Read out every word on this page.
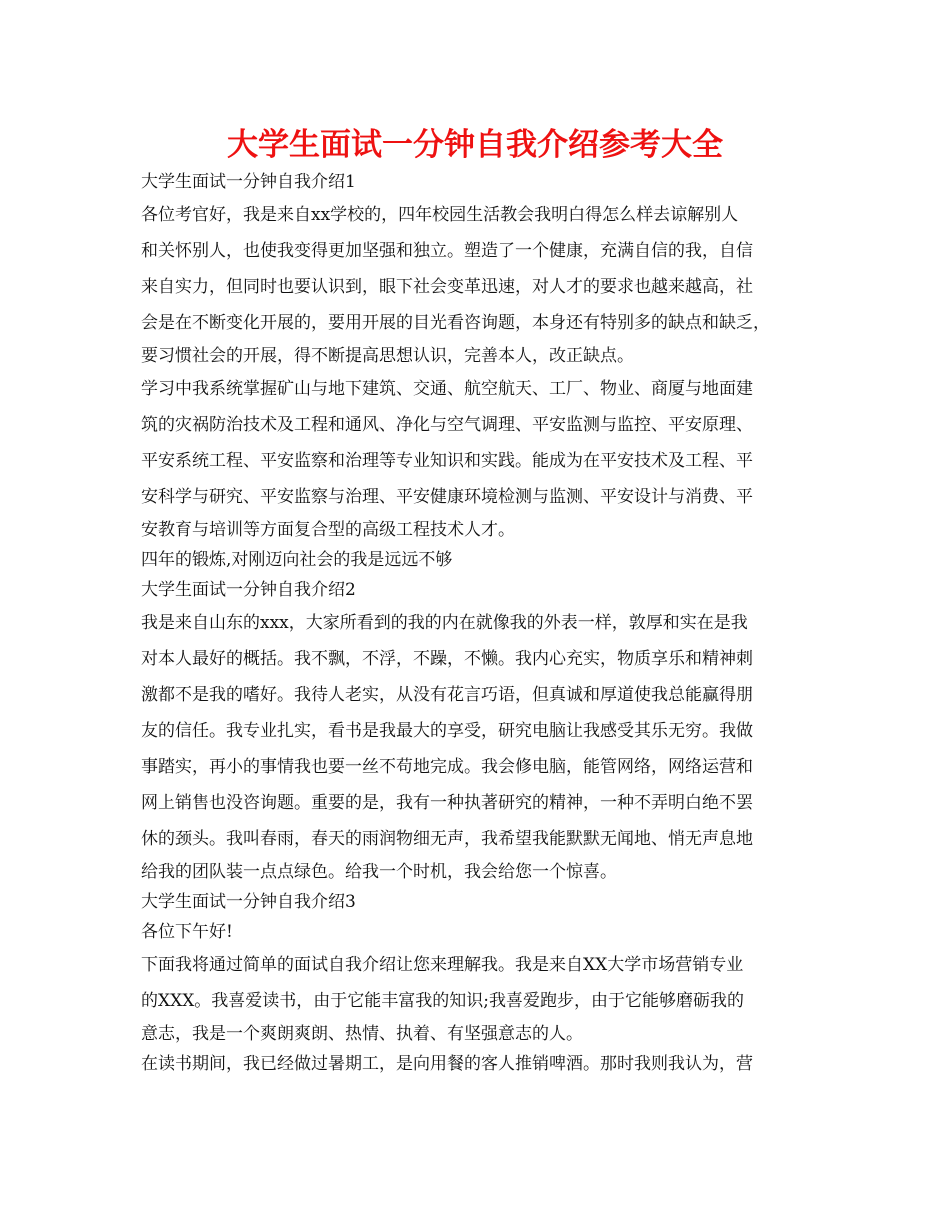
大学生面试一分钟自我介绍参考大全
大学生面试一分钟自我介绍1
各位考官好，我是来自xx学校的，四年校园生活教会我明白得怎么样去谅解别人
和关怀别人，也使我变得更加坚强和独立。塑造了一个健康，充满自信的我，自信
来自实力，但同时也要认识到，眼下社会变革迅速，对人才的要求也越来越高，社
会是在不断变化开展的，要用开展的目光看咨询题，本身还有特别多的缺点和缺乏，
要习惯社会的开展，得不断提高思想认识，完善本人，改正缺点。
学习中我系统掌握矿山与地下建筑、交通、航空航天、工厂、物业、商厦与地面建
筑的灾祸防治技术及工程和通风、净化与空气调理、平安监测与监控、平安原理、
平安系统工程、平安监察和治理等专业知识和实践。能成为在平安技术及工程、平
安科学与研究、平安监察与治理、平安健康环境检测与监测、平安设计与消费、平
安教育与培训等方面复合型的高级工程技术人才。
四年的锻炼,对刚迈向社会的我是远远不够
大学生面试一分钟自我介绍2
我是来自山东的xxx，大家所看到的我的内在就像我的外表一样，敦厚和实在是我
对本人最好的概括。我不飘，不浮，不躁，不懒。我内心充实，物质享乐和精神刺
激都不是我的嗜好。我待人老实，从没有花言巧语，但真诚和厚道使我总能赢得朋
友的信任。我专业扎实，看书是我最大的享受，研究电脑让我感受其乐无穷。我做
事踏实，再小的事情我也要一丝不苟地完成。我会修电脑，能管网络，网络运营和
网上销售也没咨询题。重要的是，我有一种执著研究的精神，一种不弄明白绝不罢
休的颈头。我叫春雨，春天的雨润物细无声，我希望我能默默无闻地、悄无声息地
给我的团队装一点点绿色。给我一个时机，我会给您一个惊喜。
大学生面试一分钟自我介绍3
各位下午好!
下面我将通过简单的面试自我介绍让您来理解我。我是来自XX大学市场营销专业
的XXX。我喜爱读书，由于它能丰富我的知识;我喜爱跑步，由于它能够磨砺我的
意志，我是一个爽朗爽朗、热情、执着、有坚强意志的人。
在读书期间，我已经做过暑期工，是向用餐的客人推销啤酒。那时我则我认为，营
